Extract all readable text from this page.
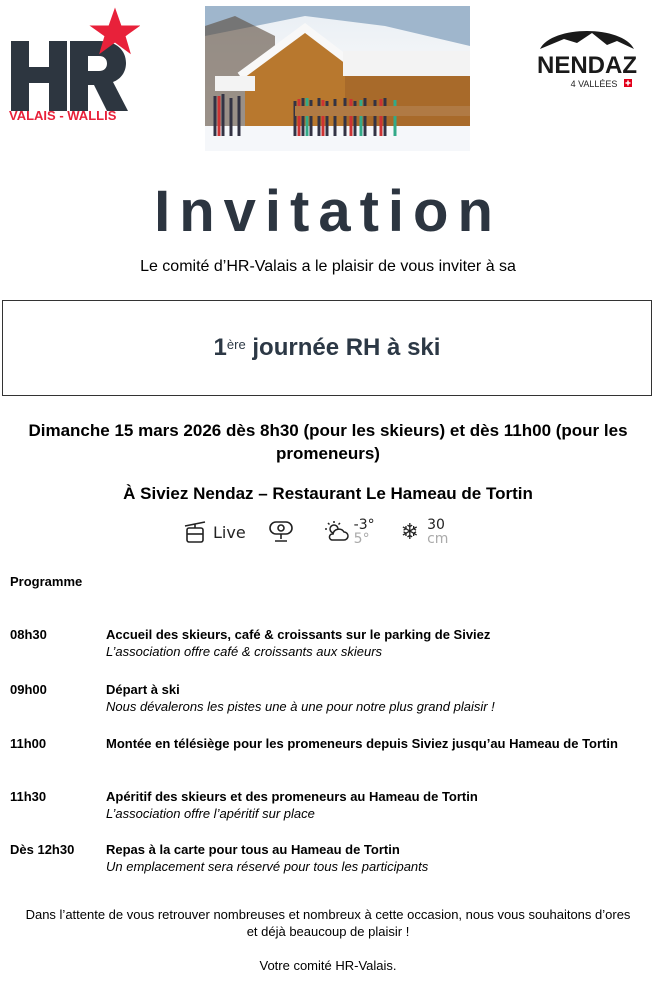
VALAIS - WALLIS
NENDAZ
4 VALLÉES
Invitation
Le comité d’HR-Valais a le plaisir de vous inviter à sa
1ère
journée RH à ski
Dimanche 15 mars 2026 dès 8h30 (pour les skieurs) et dès 11h00 (pour les promeneurs)
À Siviez Nendaz – Restaurant Le Hameau de Tortin
Live	-3°
5° ❄ 30
cm
Programme
08h30	Accueil des skieurs, café & croissants sur le parking de Siviez
L’association offre café & croissants aux skieurs
09h00	Départ à ski
Nous dévalerons les pistes une à une pour notre plus grand plaisir !
11h00	Montée en télésiège pour les promeneurs depuis Siviez jusqu’au Hameau de Tortin
11h30	Apéritif des skieurs et des promeneurs au Hameau de Tortin
L’association offre l’apéritif sur place
Dès 12h30 Repas à la carte pour tous au Hameau de Tortin
Un emplacement sera réservé pour tous les participants
Dans l’attente de vous retrouver nombreuses et nombreux à cette occasion, nous vous souhaitons d’ores et déjà beaucoup de plaisir !
Votre comité HR-Valais.
